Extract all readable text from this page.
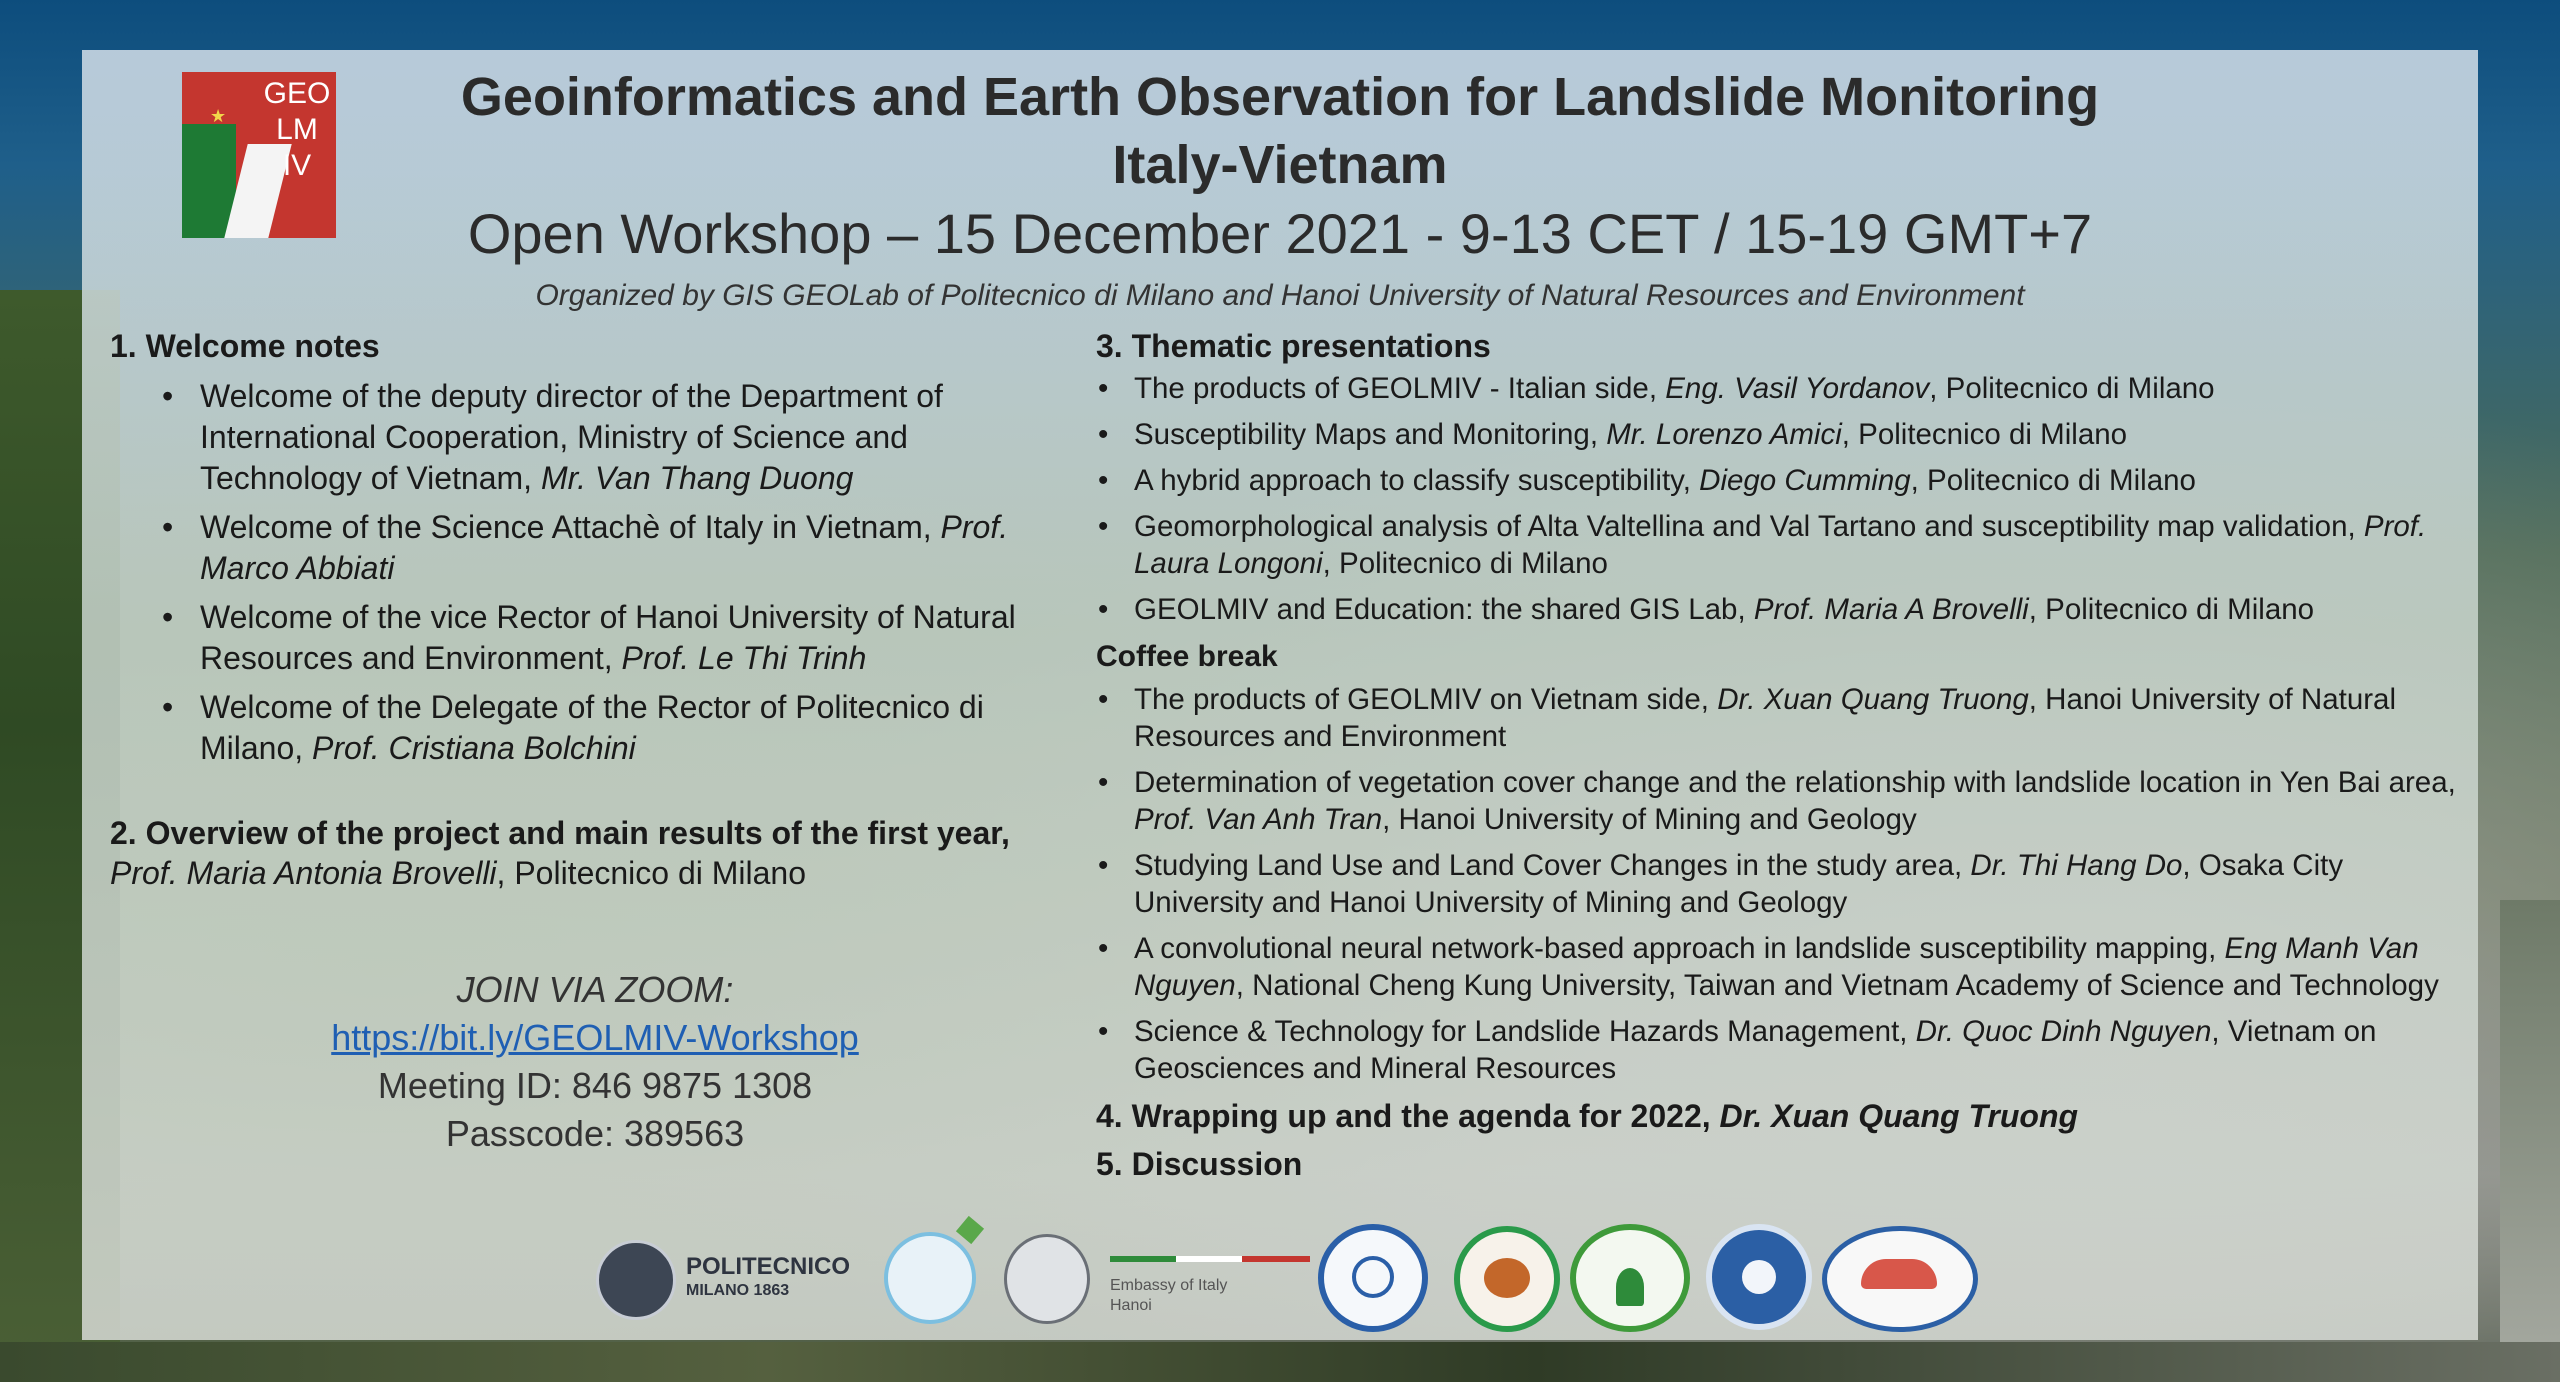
★
GEO
LM
IV
Geoinformatics and Earth Observation for Landslide Monitoring
Italy-Vietnam
Open Workshop – 15 December 2021 - 9-13 CET / 15-19 GMT+7
Organized by GIS GEOLab of Politecnico di Milano and Hanoi University of Natural Resources and Environment
1. Welcome notes
• Welcome of the deputy director of the Department of International Cooperation, Ministry of Science and Technology of Vietnam, Mr. Van Thang Duong
• Welcome of the Science Attachè of Italy in Vietnam, Prof. Marco Abbiati
• Welcome of the vice Rector of Hanoi University of Natural Resources and Environment, Prof. Le Thi Trinh
• Welcome of the Delegate of the Rector of Politecnico di Milano, Prof. Cristiana Bolchini
2. Overview of the project and main results of the first year, Prof. Maria Antonia Brovelli, Politecnico di Milano
JOIN VIA ZOOM:
https://bit.ly/GEOLMIV-Workshop
Meeting ID: 846 9875 1308
Passcode: 389563
3. Thematic presentations
• The products of GEOLMIV - Italian side, Eng. Vasil Yordanov, Politecnico di Milano
• Susceptibility Maps and Monitoring, Mr. Lorenzo Amici, Politecnico di Milano
• A hybrid approach to classify susceptibility, Diego Cumming, Politecnico di Milano
• Geomorphological analysis of Alta Valtellina and Val Tartano and susceptibility map validation, Prof. Laura Longoni, Politecnico di Milano
• GEOLMIV and Education: the shared GIS Lab, Prof. Maria A Brovelli, Politecnico di Milano
Coffee break
• The products of GEOLMIV on Vietnam side, Dr. Xuan Quang Truong, Hanoi University of Natural Resources and Environment
• Determination of vegetation cover change and the relationship with landslide location in Yen Bai area, Prof. Van Anh Tran, Hanoi University of Mining and Geology
• Studying Land Use and Land Cover Changes in the study area, Dr. Thi Hang Do, Osaka City University and Hanoi University of Mining and Geology
• A convolutional neural network-based approach in landslide susceptibility mapping, Eng Manh Van Nguyen, National Cheng Kung University, Taiwan and Vietnam Academy of Science and Technology
• Science & Technology for Landslide Hazards Management, Dr. Quoc Dinh Nguyen, Vietnam on Geosciences and Mineral Resources
4. Wrapping up and the agenda for 2022, Dr. Xuan Quang Truong
5. Discussion
POLITECNICO
MILANO 1863	Embassy of Italy
Hanoi
